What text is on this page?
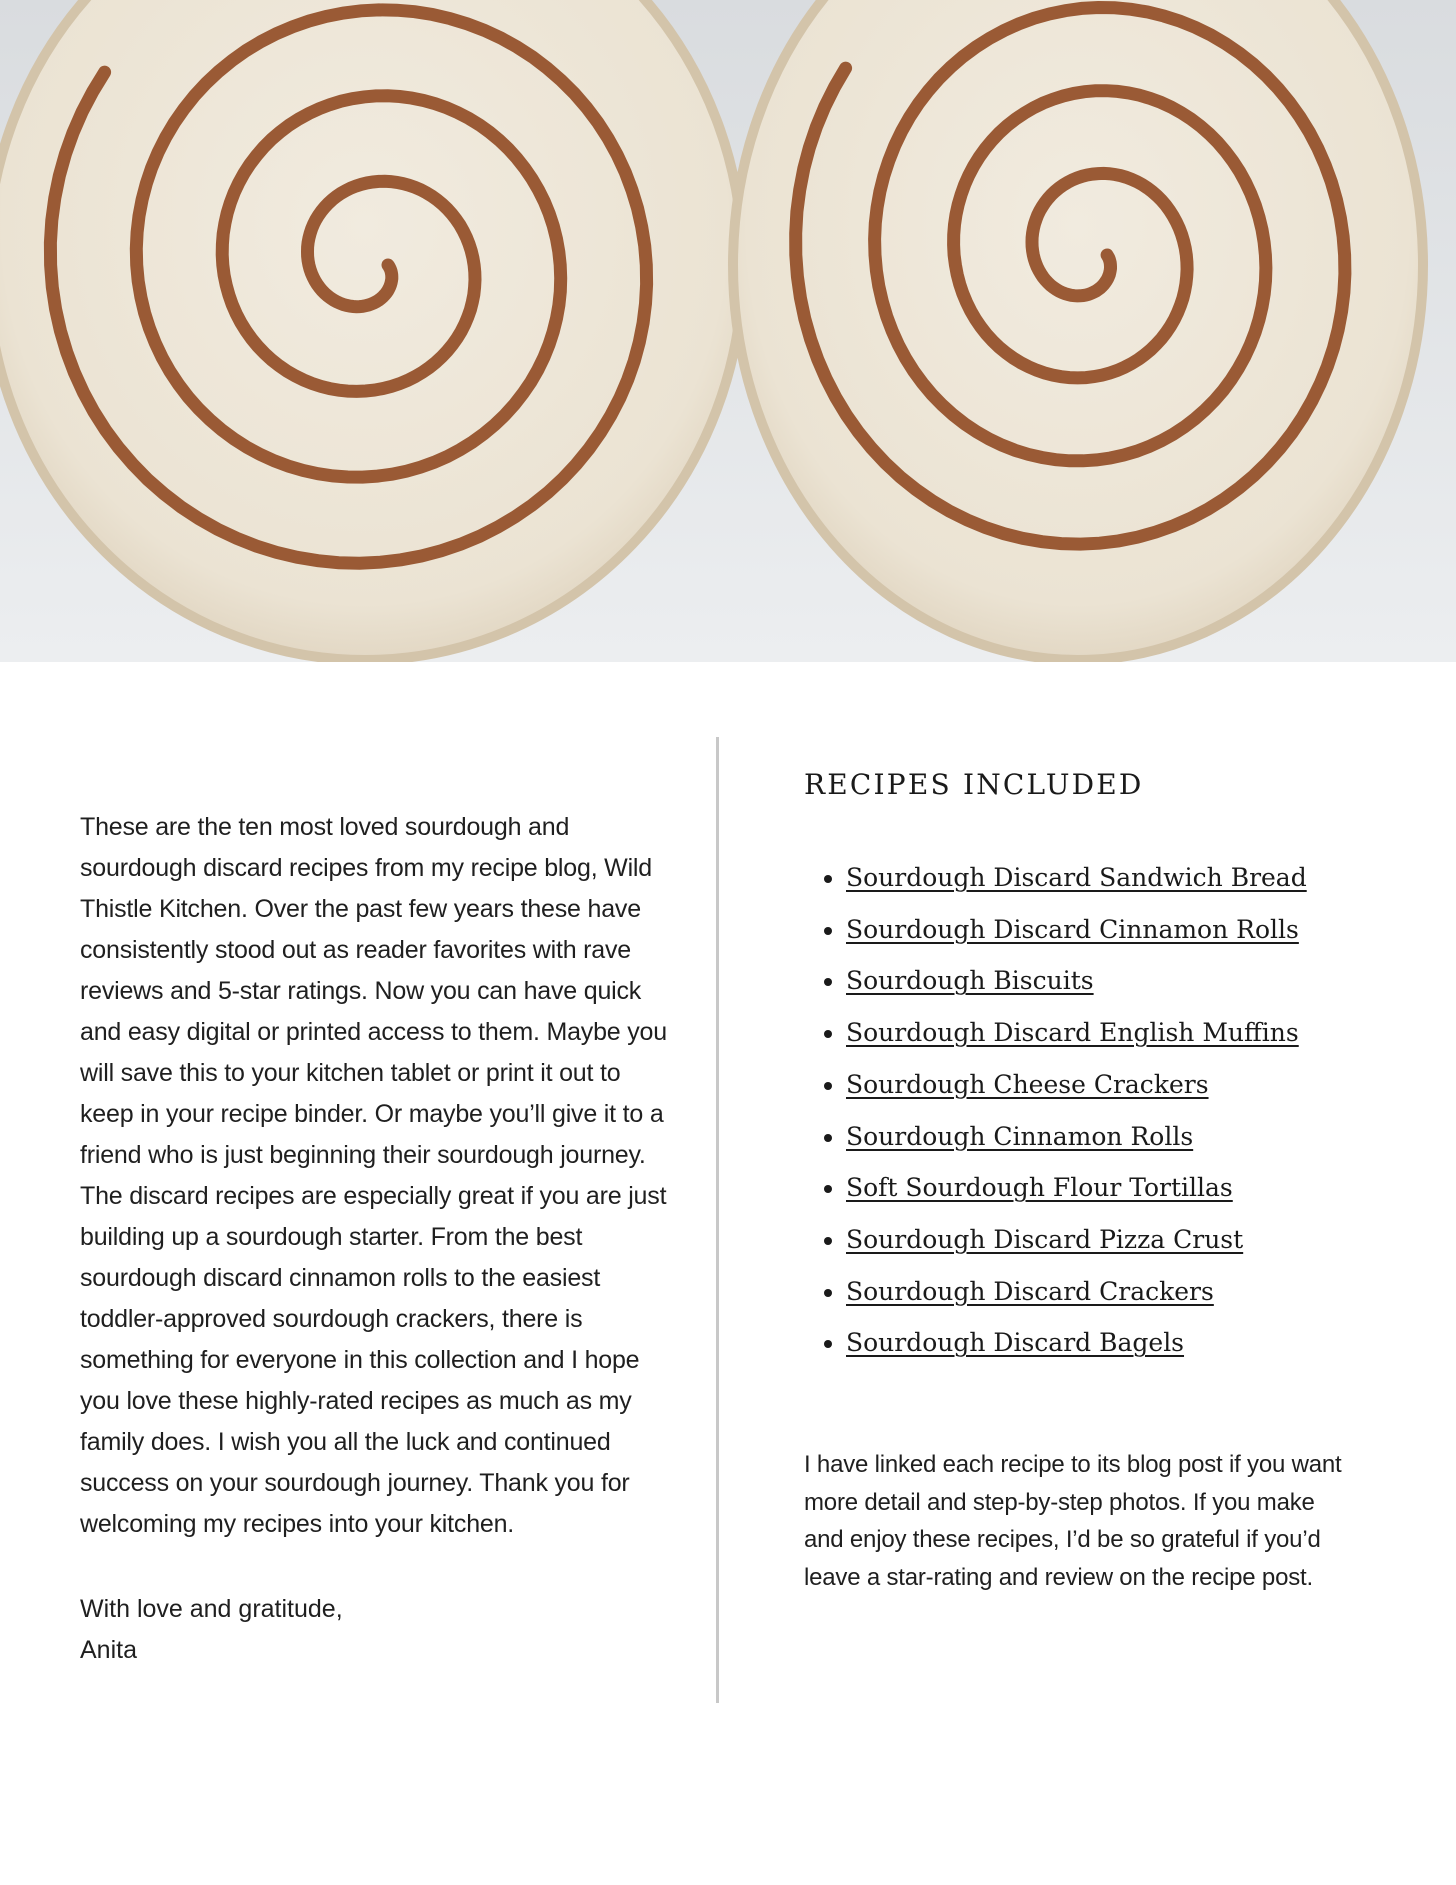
These are the ten most loved sourdough and sourdough discard recipes from my recipe blog, Wild Thistle Kitchen. Over the past few years these have consistently stood out as reader favorites with rave reviews and 5-star ratings. Now you can have quick and easy digital or printed access to them. Maybe you will save this to your kitchen tablet or print it out to keep in your recipe binder. Or maybe you’ll give it to a friend who is just beginning their sourdough journey. The discard recipes are especially great if you are just building up a sourdough starter. From the best sourdough discard cinnamon rolls to the easiest toddler-approved sourdough crackers, there is something for everyone in this collection and I hope you love these highly-rated recipes as much as my family does. I wish you all the luck and continued success on your sourdough journey. Thank you for welcoming my recipes into your kitchen.

With love and gratitude,
Anita
RECIPES INCLUDED
• Sourdough Discard Sandwich Bread
• Sourdough Discard Cinnamon Rolls
• Sourdough Biscuits
• Sourdough Discard English Muffins
• Sourdough Cheese Crackers
• Sourdough Cinnamon Rolls
• Soft Sourdough Flour Tortillas
• Sourdough Discard Pizza Crust
• Sourdough Discard Crackers
• Sourdough Discard Bagels

I have linked each recipe to its blog post if you want more detail and step-by-step photos. If you make and enjoy these recipes, I’d be so grateful if you’d leave a star-rating and review on the recipe post.
